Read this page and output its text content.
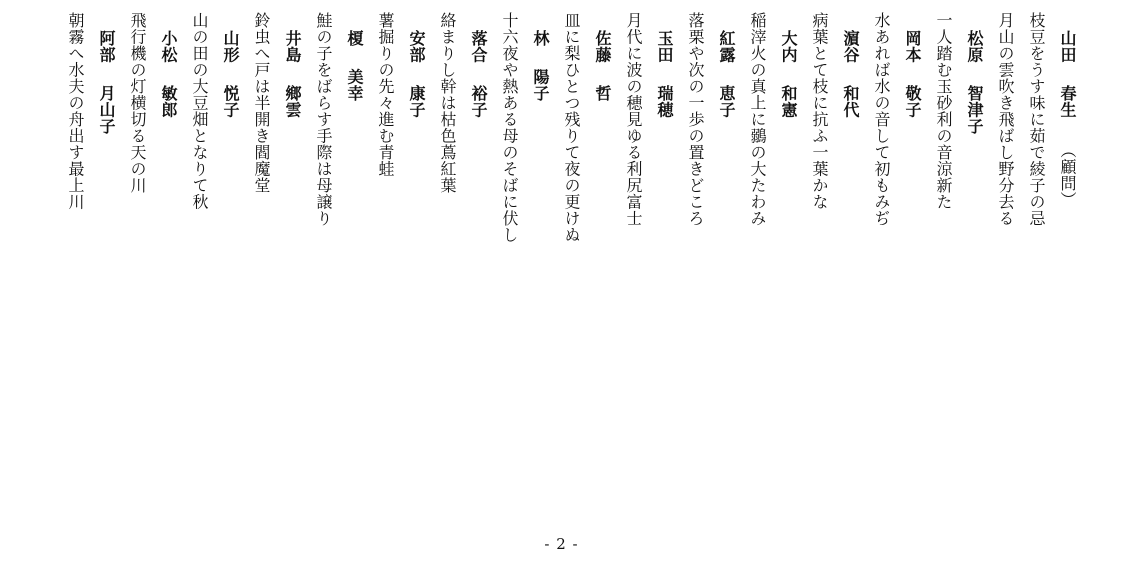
山田春生（顧問）
枝豆をうす味に茹で綾子の忌
月山の雲吹き飛ばし野分去る
松原智津子
一人踏む玉砂利の音涼新た
岡本敬子
水あれば水の音して初もみぢ
濵谷和代
病葉とて枝に抗ふ一葉かな
大内和憲
稲滓火の真上に鶸の大たわみ
紅露恵子
落栗や次の一歩の置きどころ
玉田瑞穂
月代に波の穂見ゆる利尻富士
佐藤哲
皿に梨ひとつ残りて夜の更けぬ
林陽子
十六夜や熱ある母のそばに伏し
落合裕子
絡まりし幹は枯色蔦紅葉
安部康子
薯掘りの先々進む青蛙
榎美幸
鮭の子をばらす手際は母譲り
井島鄉雲
鈴虫へ戸は半開き閻魔堂
山形悦子
山の田の大豆畑となりて秋
小松敏郎
飛行機の灯横切る天の川
阿部月山子
朝霧へ水夫の舟出す最上川
- 2 -
